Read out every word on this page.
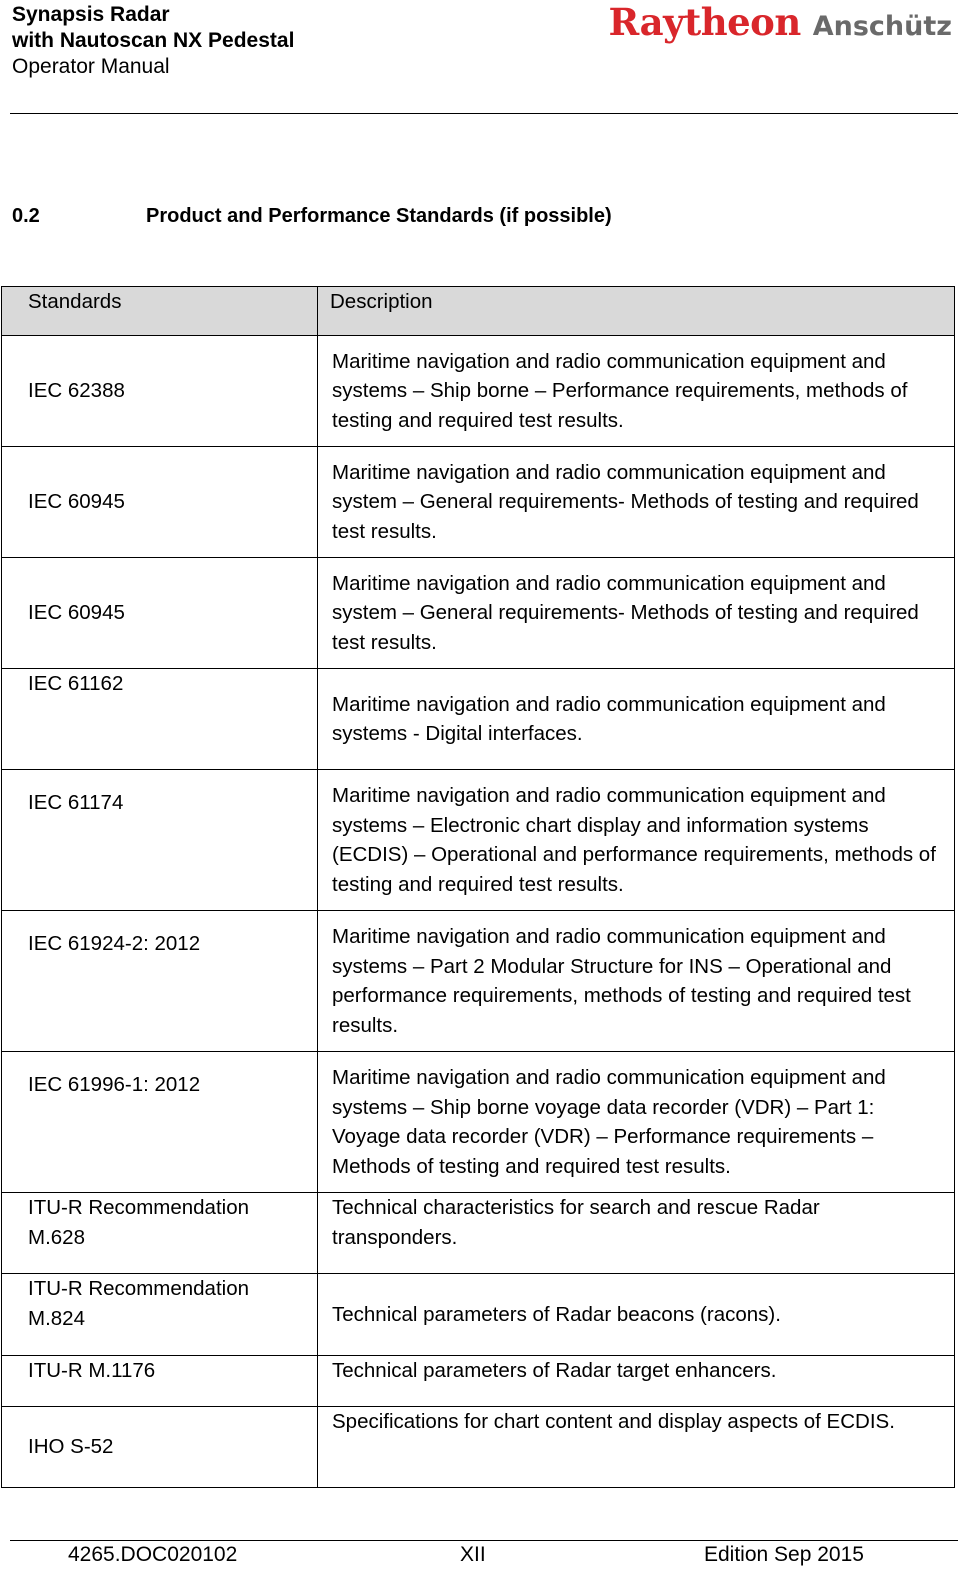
Synapsis Radar
with Nautoscan NX Pedestal
Operator Manual
Raytheon Anschütz
0.2	Product and Performance Standards (if possible)
Standards	Description
IEC 62388	Maritime navigation and radio communication equipment and systems – Ship borne – Performance requirements, methods of testing and required test results.
IEC 60945	Maritime navigation and radio communication equipment and system – General requirements- Methods of testing and required test results.
IEC 60945	Maritime navigation and radio communication equipment and system – General requirements- Methods of testing and required test results.
IEC 61162	Maritime navigation and radio communication equipment and systems - Digital interfaces.
IEC 61174	Maritime navigation and radio communication equipment and systems – Electronic chart display and information systems (ECDIS) – Operational and performance requirements, methods of testing and required test results.
IEC 61924-2: 2012	Maritime navigation and radio communication equipment and systems – Part 2 Modular Structure for INS – Operational and performance requirements, methods of testing and required test results.
IEC 61996-1: 2012	Maritime navigation and radio communication equipment and systems – Ship borne voyage data recorder (VDR) – Part 1: Voyage data recorder (VDR) – Performance requirements – Methods of testing and required test results.
ITU-R Recommendation M.628	Technical characteristics for search and rescue Radar transponders.
ITU-R Recommendation M.824	Technical parameters of Radar beacons (racons).
ITU-R M.1176	Technical parameters of Radar target enhancers.
IHO S-52	Specifications for chart content and display aspects of ECDIS.
4265.DOC020102	XII	Edition Sep 2015
